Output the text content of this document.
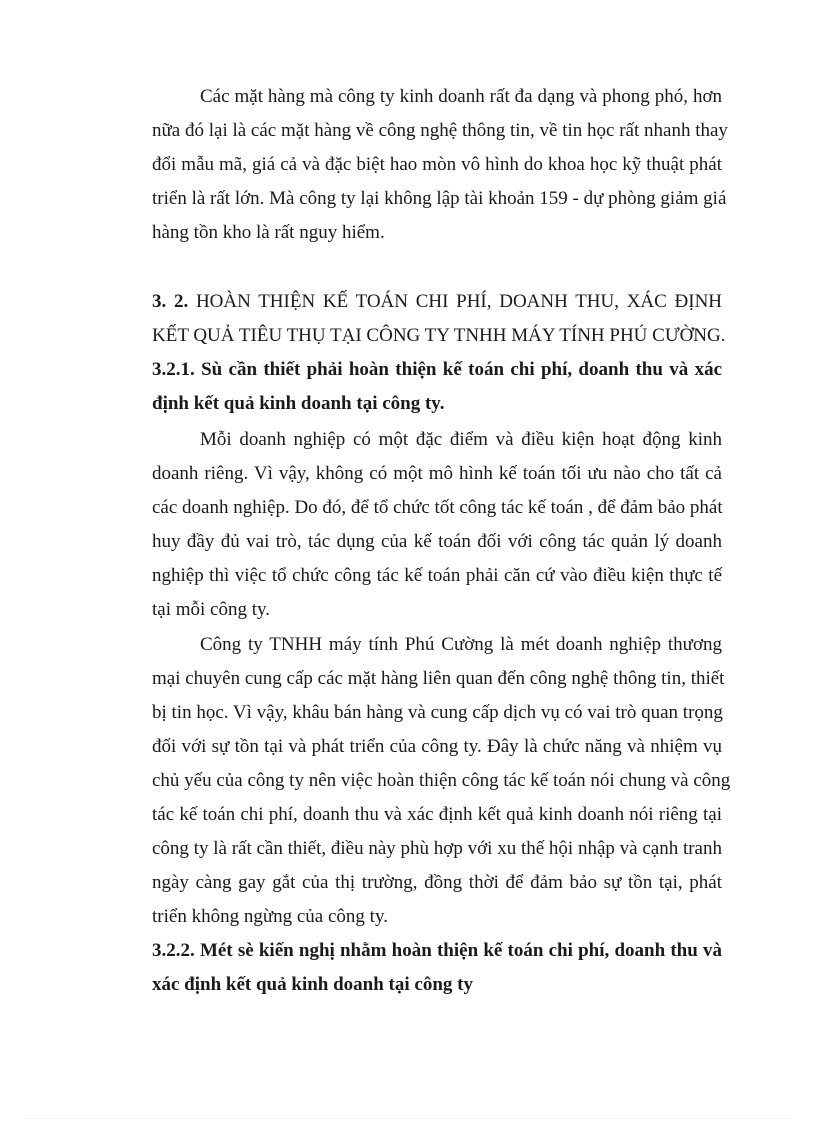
Các mặt hàng mà công ty kinh doanh rất đa dạng và phong phó, hơn
nữa đó lại là các mặt hàng về công nghệ thông tin, về tin học rất nhanh thay
đổi mẫu mã, giá cả và đặc biệt hao mòn vô hình do khoa học kỹ thuật phát
triển là rất lớn. Mà công ty lại không lập tài khoản 159 - dự phòng giảm giá
hàng tồn kho là rất nguy hiểm.
3. 2. HOÀN THIỆN KẾ TOÁN CHI PHÍ, DOANH THU, XÁC ĐỊNH
KẾT QUẢ TIÊU THỤ TẠI CÔNG TY TNHH MÁY TÍNH PHÚ CƯỜNG.
3.2.1. Sù cần thiết phải hoàn thiện kế toán chi phí, doanh thu và xác
định kết quả kinh doanh tại công ty.
Mỗi doanh nghiệp có một đặc điểm và điều kiện hoạt động kinh
doanh riêng. Vì vậy, không có một mô hình kế toán tối ưu nào cho tất cả
các doanh nghiệp. Do đó, để tổ chức tốt công tác kế toán , để đảm bảo phát
huy đầy đủ vai trò, tác dụng của kế toán đối với công tác quản lý doanh
nghiệp thì việc tổ chức công tác kế toán phải căn cứ vào điều kiện thực tế
tại mỗi công ty.
Công ty TNHH máy tính Phú Cường là mét doanh nghiệp thương
mại chuyên cung cấp các mặt hàng liên quan đến công nghệ thông tin, thiết
bị tin học. Vì vậy, khâu bán hàng và cung cấp dịch vụ có vai trò quan trọng
đối với sự tồn tại và phát triển của công ty. Đây là chức năng và nhiệm vụ
chủ yếu của công ty nên việc hoàn thiện công tác kế toán nói chung và công
tác kế toán chi phí, doanh thu và xác định kết quả kinh doanh nói riêng tại
công ty là rất cần thiết, điều này phù hợp với xu thế hội nhập và cạnh tranh
ngày càng gay gắt của thị trường, đồng thời để đảm bảo sự tồn tại, phát
triển không ngừng của công ty.
3.2.2. Mét sè kiến nghị nhằm hoàn thiện kế toán chi phí, doanh thu và
xác định kết quả kinh doanh tại công ty
